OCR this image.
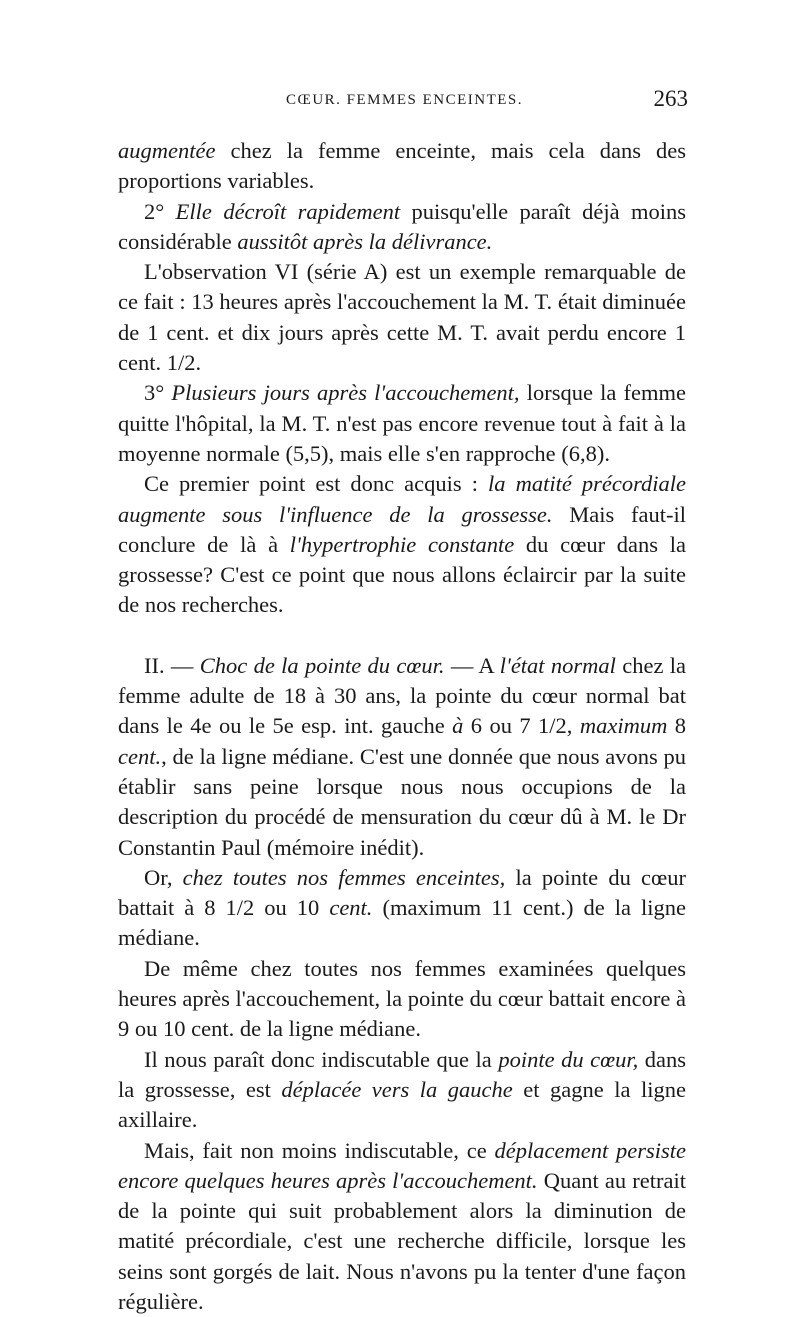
CŒUR. FEMMES ENCEINTES.	263

augmentée chez la femme enceinte, mais cela dans des proportions variables.

2° Elle décroît rapidement puisqu'elle paraît déjà moins considérable aussitôt après la délivrance.

L'observation VI (série A) est un exemple remarquable de ce fait : 13 heures après l'accouchement la M. T. était diminuée de 1 cent. et dix jours après cette M. T. avait perdu encore 1 cent. 1/2.

3° Plusieurs jours après l'accouchement, lorsque la femme quitte l'hôpital, la M. T. n'est pas encore revenue tout à fait à la moyenne normale (5,5), mais elle s'en rapproche (6,8).

Ce premier point est donc acquis : la matité précordiale augmente sous l'influence de la grossesse. Mais faut-il conclure de là à l'hypertrophie constante du cœur dans la grossesse? C'est ce point que nous allons éclaircir par la suite de nos recherches.

II. — Choc de la pointe du cœur. — A l'état normal chez la femme adulte de 18 à 30 ans, la pointe du cœur normal bat dans le 4e ou le 5e esp. int. gauche à 6 ou 7 1/2, maximum 8 cent., de la ligne médiane. C'est une donnée que nous avons pu établir sans peine lorsque nous nous occupions de la description du procédé de mensuration du cœur dû à M. le Dr Constantin Paul (mémoire inédit).

Or, chez toutes nos femmes enceintes, la pointe du cœur battait à 8 1/2 ou 10 cent. (maximum 11 cent.) de la ligne médiane.

De même chez toutes nos femmes examinées quelques heures après l'accouchement, la pointe du cœur battait encore à 9 ou 10 cent. de la ligne médiane.

Il nous paraît donc indiscutable que la pointe du cœur, dans la grossesse, est déplacée vers la gauche et gagne la ligne axillaire.

Mais, fait non moins indiscutable, ce déplacement persiste encore quelques heures après l'accouchement. Quant au retrait de la pointe qui suit probablement alors la diminution de matité précordiale, c'est une recherche difficile, lorsque les seins sont gorgés de lait. Nous n'avons pu la tenter d'une façon régulière.
